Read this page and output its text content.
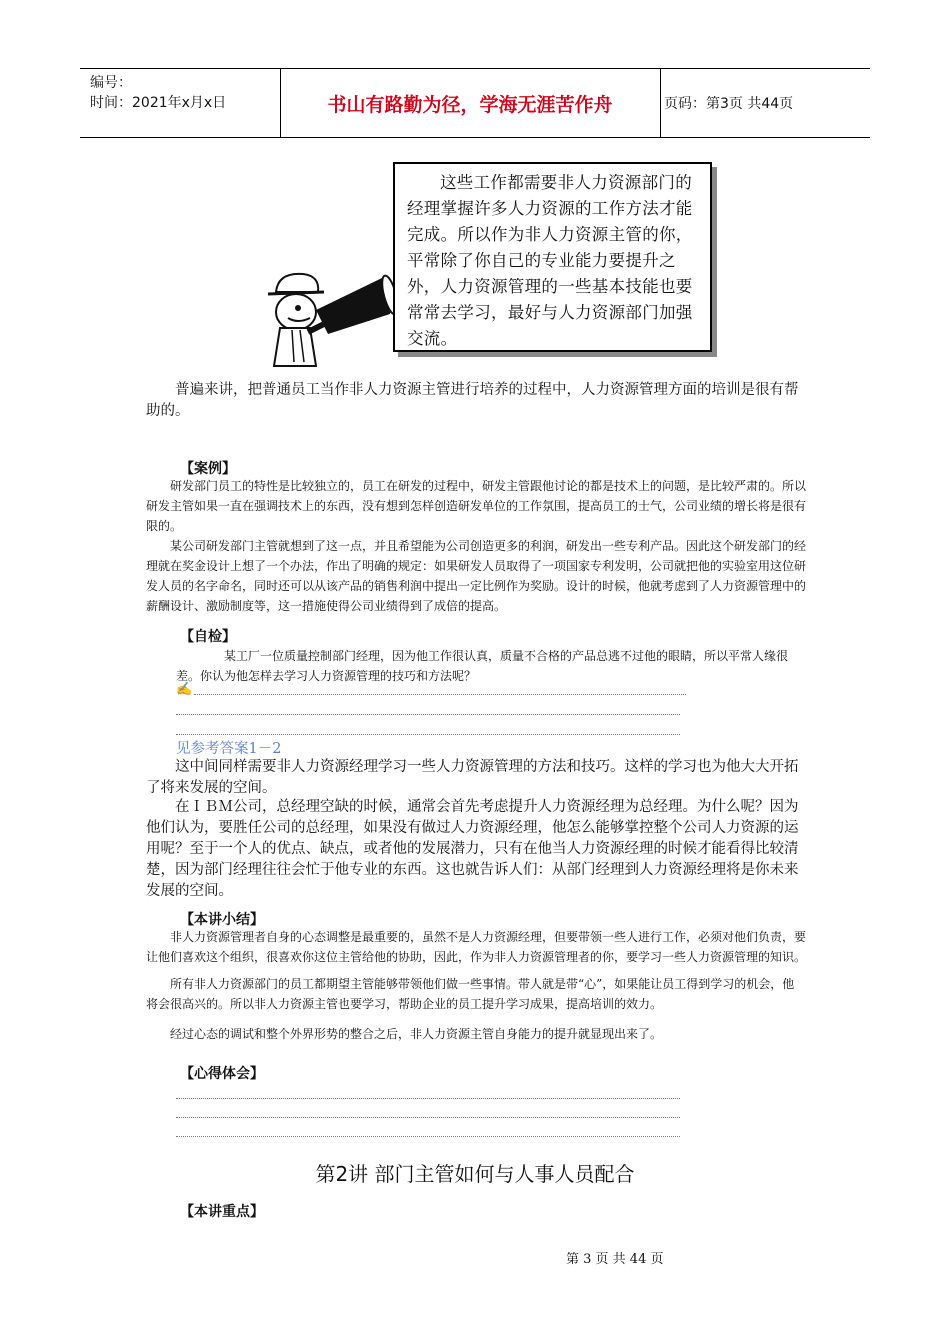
编号：
时间：2021年x月x日	书山有路勤为径，学海无涯苦作舟	页码：第3页 共44页
这些工作都需要非人力资源部门的经理掌握许多人力资源的工作方法才能完成。所以作为非人力资源主管的你，平常除了你自己的专业能力要提升之外，人力资源管理的一些基本技能也要常常去学习，最好与人力资源部门加强交流。
普遍来讲，把普通员工当作非人力资源主管进行培养的过程中，人力资源管理方面的培训是很有帮助的。
【案例】
研发部门员工的特性是比较独立的，员工在研发的过程中，研发主管跟他讨论的都是技术上的问题，是比较严肃的。所以研发主管如果一直在强调技术上的东西，没有想到怎样创造研发单位的工作氛围，提高员工的士气，公司业绩的增长将是很有限的。
某公司研发部门主管就想到了这一点，并且希望能为公司创造更多的利润，研发出一些专利产品。因此这个研发部门的经理就在奖金设计上想了一个办法，作出了明确的规定：如果研发人员取得了一项国家专利发明，公司就把他的实验室用这位研发人员的名字命名，同时还可以从该产品的销售利润中提出一定比例作为奖励。设计的时候，他就考虑到了人力资源管理中的薪酬设计、激励制度等，这一措施使得公司业绩得到了成倍的提高。
【自检】
某工厂一位质量控制部门经理，因为他工作很认真，质量不合格的产品总逃不过他的眼睛，所以平常人缘很差。你认为他怎样去学习人力资源管理的技巧和方法呢？
✍
见参考答案1－2
这中间同样需要非人力资源经理学习一些人力资源管理的方法和技巧。这样的学习也为他大大开拓了将来发展的空间。
在ＩＢＭ公司，总经理空缺的时候，通常会首先考虑提升人力资源经理为总经理。为什么呢？因为他们认为，要胜任公司的总经理，如果没有做过人力资源经理，他怎么能够掌控整个公司人力资源的运用呢？至于一个人的优点、缺点，或者他的发展潜力，只有在他当人力资源经理的时候才能看得比较清楚，因为部门经理往往会忙于他专业的东西。这也就告诉人们：从部门经理到人力资源经理将是你未来发展的空间。
【本讲小结】
非人力资源管理者自身的心态调整是最重要的，虽然不是人力资源经理，但要带领一些人进行工作，必须对他们负责，要让他们喜欢这个组织，很喜欢你这位主管给他的协助，因此，作为非人力资源管理者的你，要学习一些人力资源管理的知识。
所有非人力资源部门的员工都期望主管能够带领他们做一些事情。带人就是带“心”，如果能让员工得到学习的机会，他将会很高兴的。所以非人力资源主管也要学习，帮助企业的员工提升学习成果，提高培训的效力。
经过心态的调试和整个外界形势的整合之后，非人力资源主管自身能力的提升就显现出来了。
【心得体会】
第2讲 部门主管如何与人事人员配合
【本讲重点】
第 3 页 共 44 页
